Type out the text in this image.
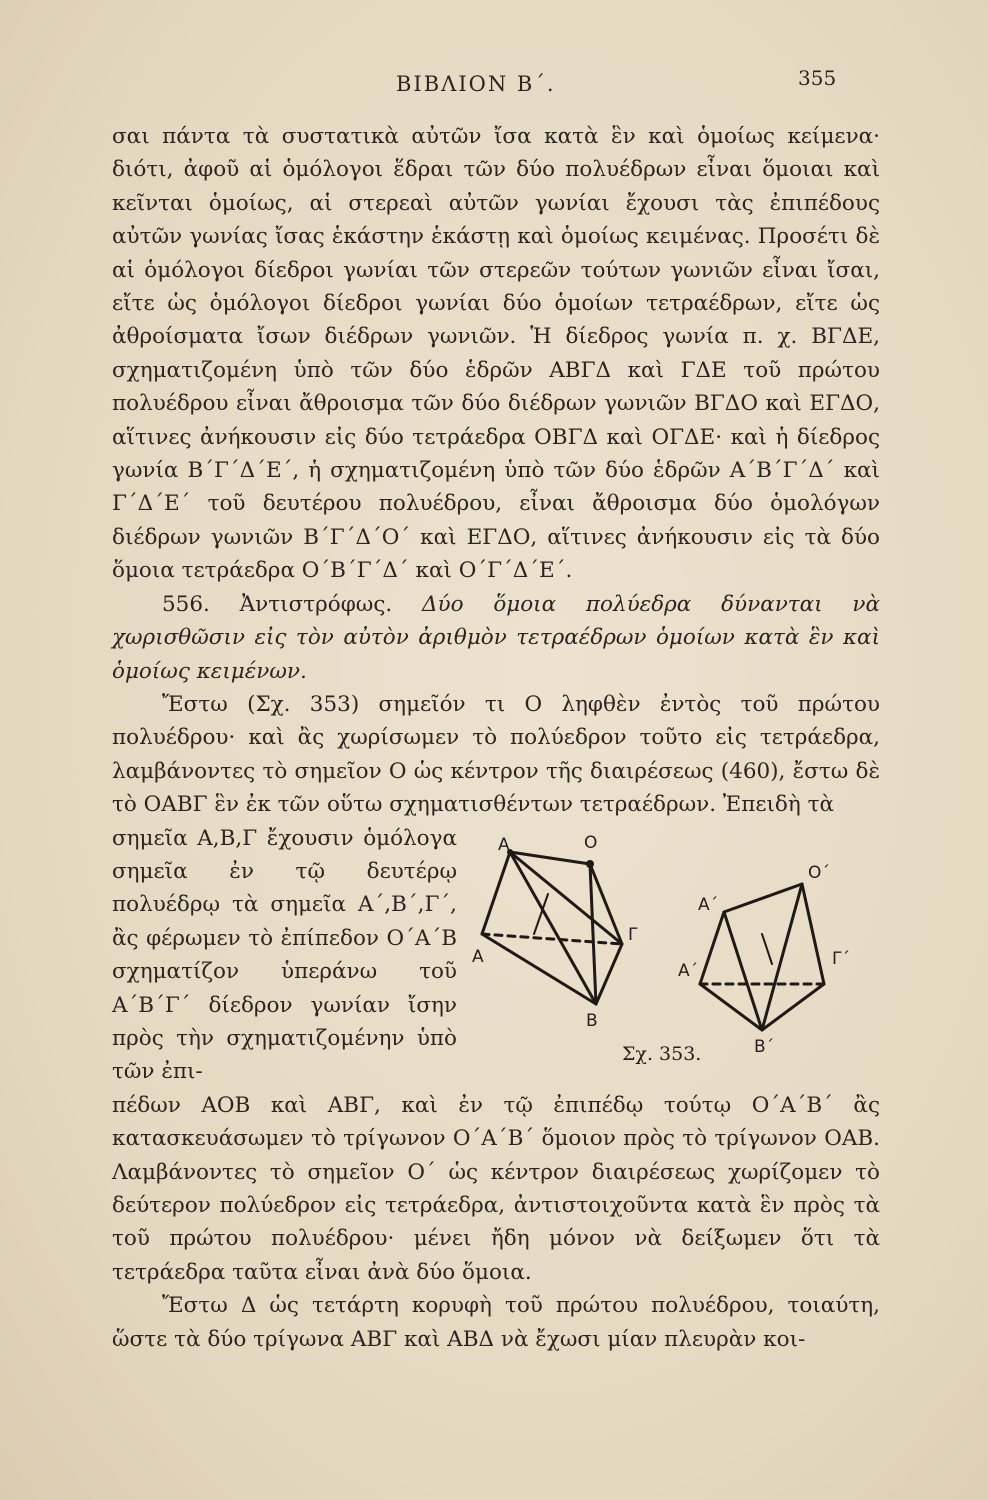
ΒΙΒΛΙΟΝ Β΄.	355

σαι πάντα τὰ συστατικὰ αὐτῶν ἴσα κατὰ ἓν καὶ ὁμοίως κείμενα· διότι, ἀφοῦ αἱ ὁμόλογοι ἕδραι τῶν δύο πολυέδρων εἶναι ὅμοιαι καὶ κεῖνται ὁμοίως, αἱ στερεαὶ αὐτῶν γωνίαι ἔχουσι τὰς ἐπιπέδους αὐτῶν γωνίας ἴσας ἑκάστην ἑκάστῃ καὶ ὁμοίως κειμένας. Προσέτι δὲ αἱ ὁμόλογοι δίεδροι γωνίαι τῶν στερεῶν τούτων γωνιῶν εἶναι ἴσαι, εἴτε ὡς ὁμόλογοι δίεδροι γωνίαι δύο ὁμοίων τετραέδρων, εἴτε ὡς ἀθροίσματα ἴσων διέδρων γωνιῶν. Ἡ δίεδρος γωνία π. χ. ΒΓΔΕ, σχηματιζομένη ὑπὸ τῶν δύο ἑδρῶν ΑΒΓΔ καὶ ΓΔΕ τοῦ πρώτου πολυέδρου εἶναι ἄθροισμα τῶν δύο διέδρων γωνιῶν ΒΓΔΟ καὶ ΕΓΔΟ, αἵτινες ἀνήκουσιν εἰς δύο τετράεδρα ΟΒΓΔ καὶ ΟΓΔΕ· καὶ ἡ δίεδρος γωνία Β΄Γ΄Δ΄Ε΄, ἡ σχηματιζομένη ὑπὸ τῶν δύο ἑδρῶν Α΄Β΄Γ΄Δ΄ καὶ Γ΄Δ΄Ε΄ τοῦ δευτέρου πολυέδρου, εἶναι ἄθροισμα δύο ὁμολόγων διέδρων γωνιῶν Β΄Γ΄Δ΄Ο΄ καὶ ΕΓΔΟ, αἵτινες ἀνήκουσιν εἰς τὰ δύο ὅμοια τετράεδρα Ο΄Β΄Γ΄Δ΄ καὶ Ο΄Γ΄Δ΄Ε΄.

556. Ἀντιστρόφως. Δύο ὅμοια πολύεδρα δύνανται νὰ χωρισθῶσιν εἰς τὸν αὐτὸν ἀριθμὸν τετραέδρων ὁμοίων κατὰ ἓν καὶ ὁμοίως κειμένων.

Ἔστω (Σχ. 353) σημεῖόν τι Ο ληφθὲν ἐντὸς τοῦ πρώτου πολυέδρου· καὶ ἂς χωρίσωμεν τὸ πολύεδρον τοῦτο εἰς τετράεδρα, λαμβάνοντες τὸ σημεῖον Ο ὡς κέντρον τῆς διαιρέσεως (460), ἔστω δὲ τὸ ΟΑΒΓ ἓν ἐκ τῶν οὕτω σχηματισθέντων τετραέδρων. Ἐπειδὴ τὰ

σημεῖα Α,Β,Γ ἔχουσιν ὁμόλογα σημεῖα ἐν τῷ δευτέρῳ πολυέδρῳ τὰ σημεῖα Α΄,Β΄,Γ΄, ἂς φέρωμεν τὸ ἐπίπεδον Ο΄Α΄Β σχηματίζον ὑπεράνω τοῦ Α΄Β΄Γ΄ δίεδρον γωνίαν ἴσην πρὸς τὴν σχηματιζομένην ὑπὸ τῶν ἐπι-

Α	Ο
Γ
Α
Β
Ο΄
Α΄
Α΄
Γ΄
Β΄
Σχ. 353.

πέδων ΑΟΒ καὶ ΑΒΓ, καὶ ἐν τῷ ἐπιπέδῳ τούτῳ Ο΄Α΄Β΄ ἂς κατασκευάσωμεν τὸ τρίγωνον Ο΄Α΄Β΄ ὅμοιον πρὸς τὸ τρίγωνον ΟΑΒ. Λαμβάνοντες τὸ σημεῖον Ο΄ ὡς κέντρον διαιρέσεως χωρίζομεν τὸ δεύτερον πολύεδρον εἰς τετράεδρα, ἀντιστοιχοῦντα κατὰ ἓν πρὸς τὰ τοῦ πρώτου πολυέδρου· μένει ἤδη μόνον νὰ δείξωμεν ὅτι τὰ τετράεδρα ταῦτα εἶναι ἀνὰ δύο ὅμοια.

Ἔστω Δ ὡς τετάρτη κορυφὴ τοῦ πρώτου πολυέδρου, τοιαύτη, ὥστε τὰ δύο τρίγωνα ΑΒΓ καὶ ΑΒΔ νὰ ἔχωσι μίαν πλευρὰν κοι-
